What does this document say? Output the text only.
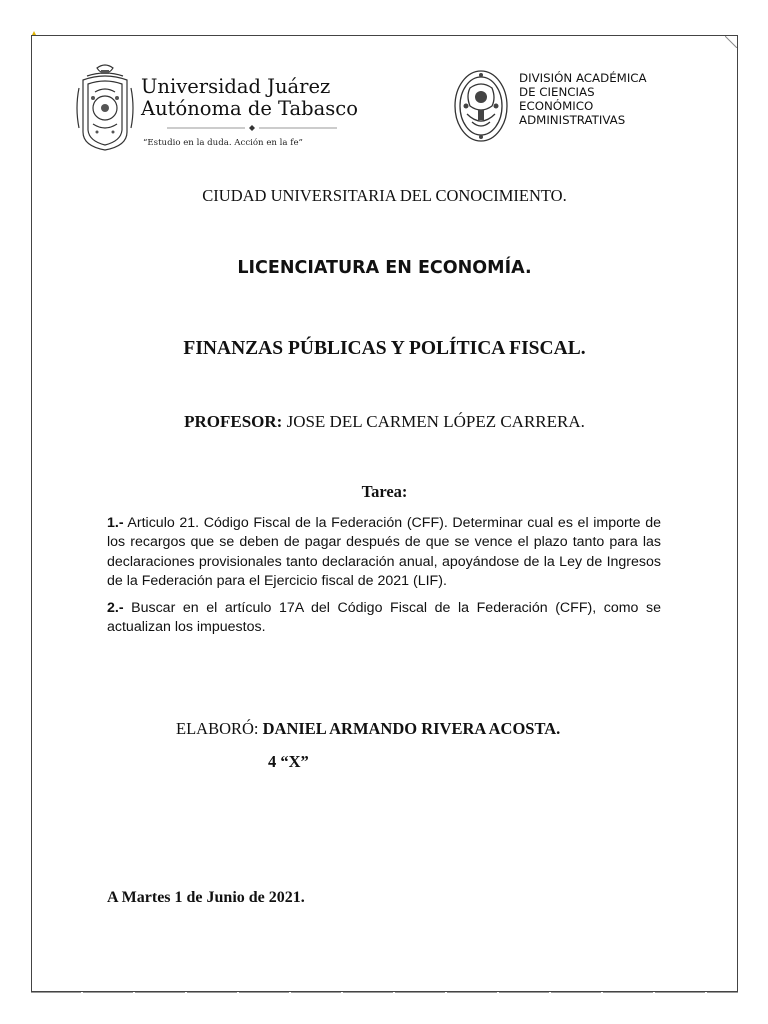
Universidad Juárez
Autónoma de Tabasco
“Estudio en la duda. Acción en la fe”
DIVISIÓN ACADÉMICA
DE CIENCIAS
ECONÓMICO
ADMINISTRATIVAS
CIUDAD UNIVERSITARIA DEL CONOCIMIENTO.
LICENCIATURA EN ECONOMÍA.
FINANZAS PÚBLICAS Y POLÍTICA FISCAL.
PROFESOR: JOSE DEL CARMEN LÓPEZ CARRERA.
Tarea:

1.- Articulo 21. Código Fiscal de la Federación (CFF). Determinar cual es el importe de los recargos que se deben de pagar después de que se vence el plazo tanto para las declaraciones provisionales tanto declaración anual, apoyándose de la Ley de Ingresos de la Federación para el Ejercicio fiscal de 2021 (LIF).

2.- Buscar en el artículo 17A del Código Fiscal de la Federación (CFF), como se actualizan los impuestos.

ELABORÓ: DANIEL ARMANDO RIVERA ACOSTA.
4 “X”
A Martes 1 de Junio de 2021.
